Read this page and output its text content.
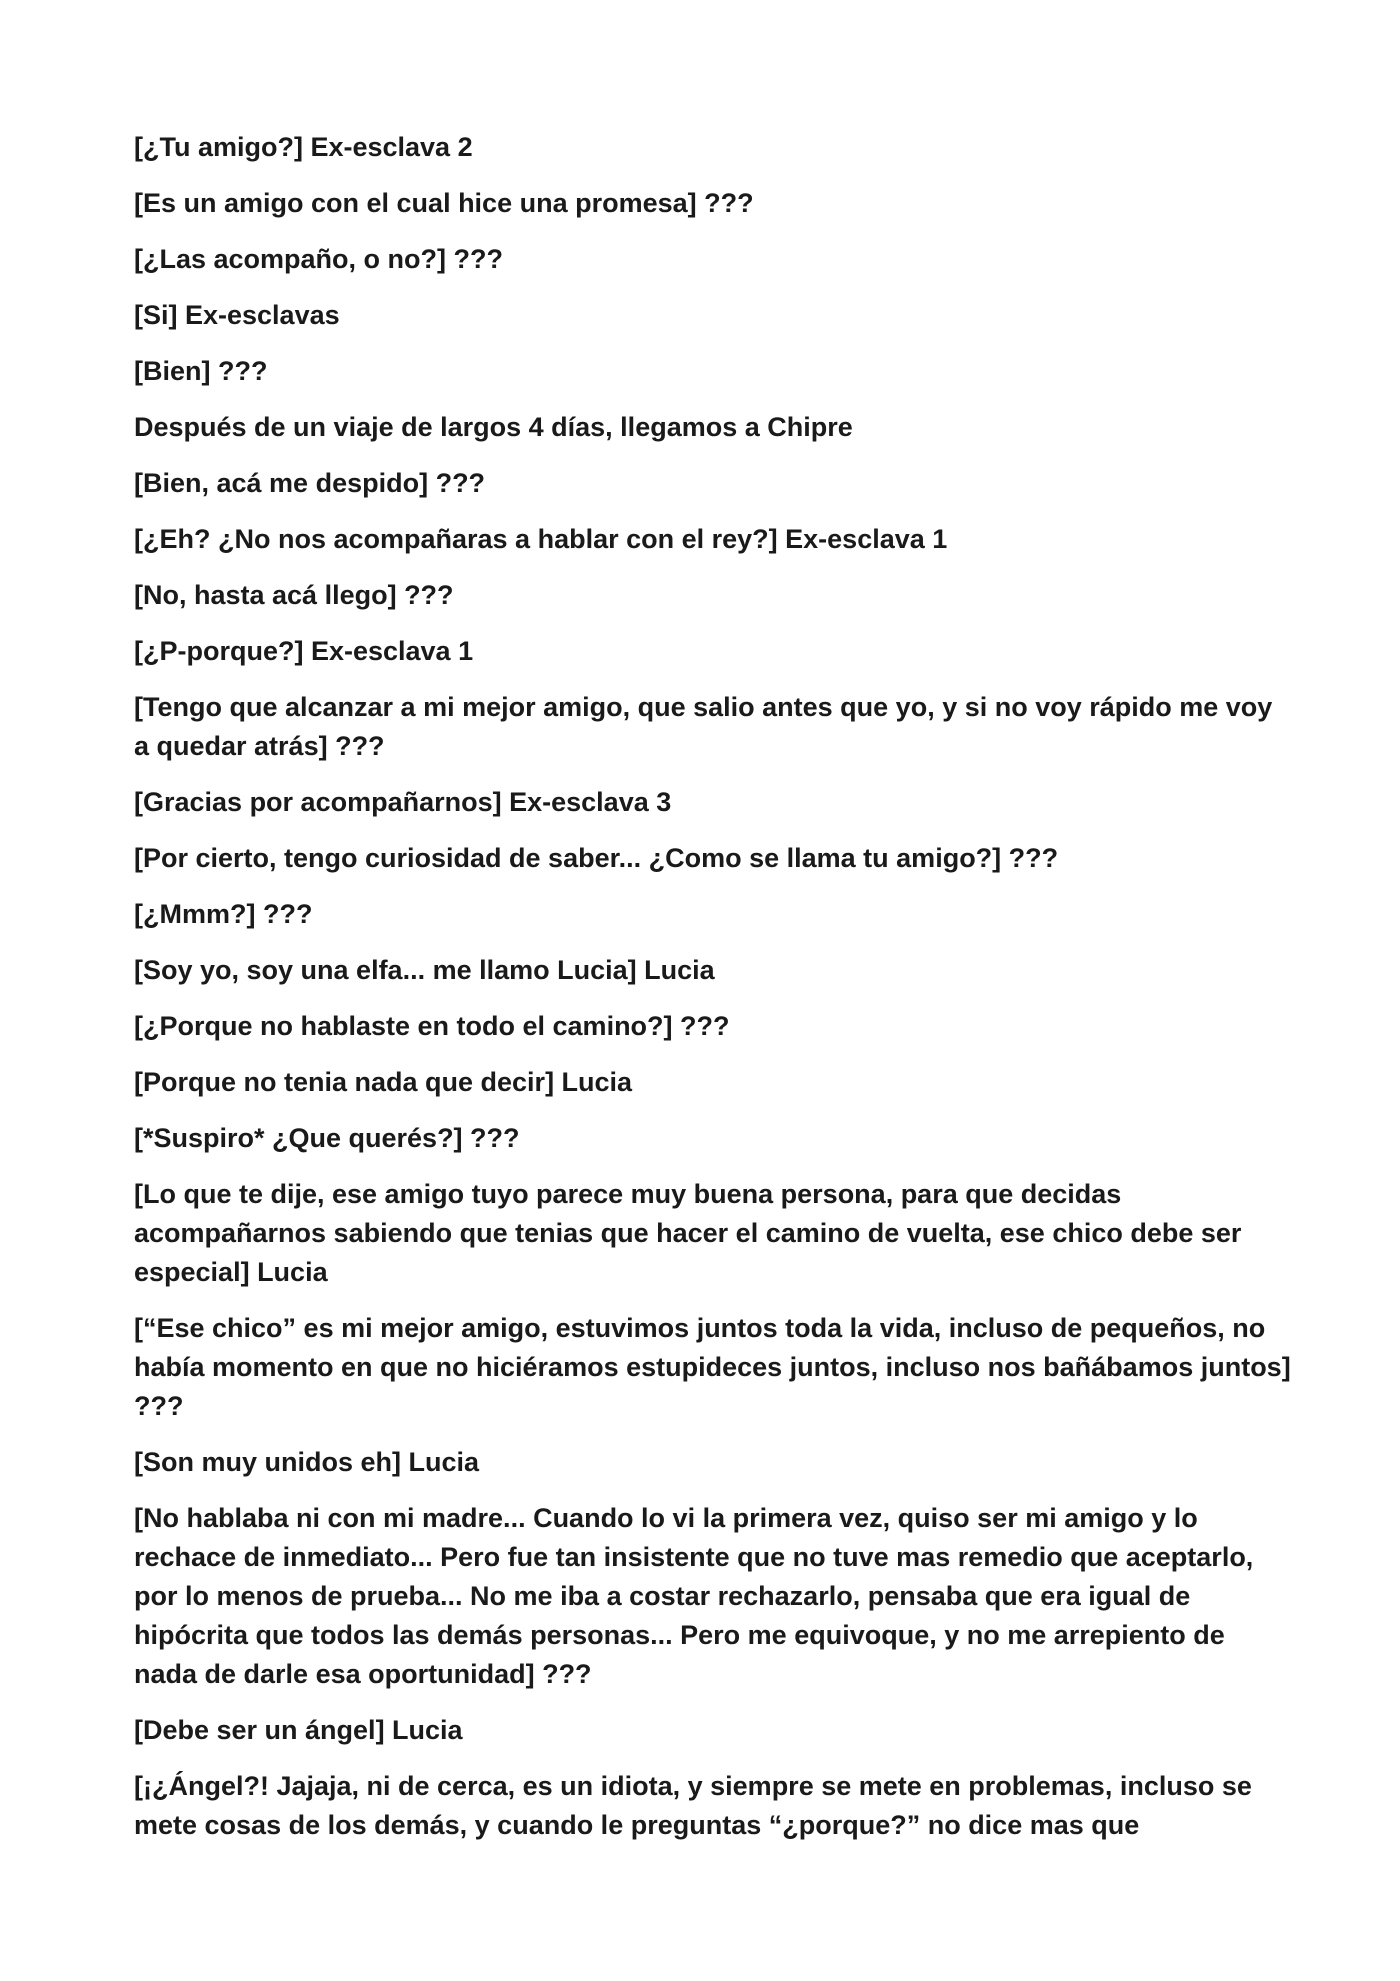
[¿Tu amigo?] Ex-esclava 2

[Es un amigo con el cual hice una promesa] ???

[¿Las acompaño, o no?] ???

[Si] Ex-esclavas

[Bien] ???

Después de un viaje de largos 4 días, llegamos a Chipre

[Bien, acá me despido] ???

[¿Eh? ¿No nos acompañaras a hablar con el rey?] Ex-esclava 1

[No, hasta acá llego] ???

[¿P-porque?] Ex-esclava 1

[Tengo que alcanzar a mi mejor amigo, que salio antes que yo, y si no voy rápido me voy a quedar atrás] ???

[Gracias por acompañarnos] Ex-esclava 3

[Por cierto, tengo curiosidad de saber... ¿Como se llama tu amigo?] ???

[¿Mmm?] ???

[Soy yo, soy una elfa... me llamo Lucia] Lucia

[¿Porque no hablaste en todo el camino?] ???

[Porque no tenia nada que decir] Lucia

[*Suspiro* ¿Que querés?] ???

[Lo que te dije, ese amigo tuyo parece muy buena persona, para que decidas acompañarnos sabiendo que tenias que hacer el camino de vuelta, ese chico debe ser especial] Lucia

[“Ese chico” es mi mejor amigo, estuvimos juntos toda la vida, incluso de pequeños, no había momento en que no hiciéramos estupideces juntos, incluso nos bañábamos juntos] ???

[Son muy unidos eh] Lucia

[No hablaba ni con mi madre... Cuando lo vi la primera vez, quiso ser mi amigo y lo rechace de inmediato... Pero fue tan insistente que no tuve mas remedio que aceptarlo, por lo menos de prueba... No me iba a costar rechazarlo, pensaba que era igual de hipócrita que todos las demás personas... Pero me equivoque, y no me arrepiento de nada de darle esa oportunidad] ???

[Debe ser un ángel] Lucia

[¡¿Ángel?! Jajaja, ni de cerca, es un idiota, y siempre se mete en problemas, incluso se mete cosas de los demás, y cuando le preguntas “¿porque?” no dice mas que
